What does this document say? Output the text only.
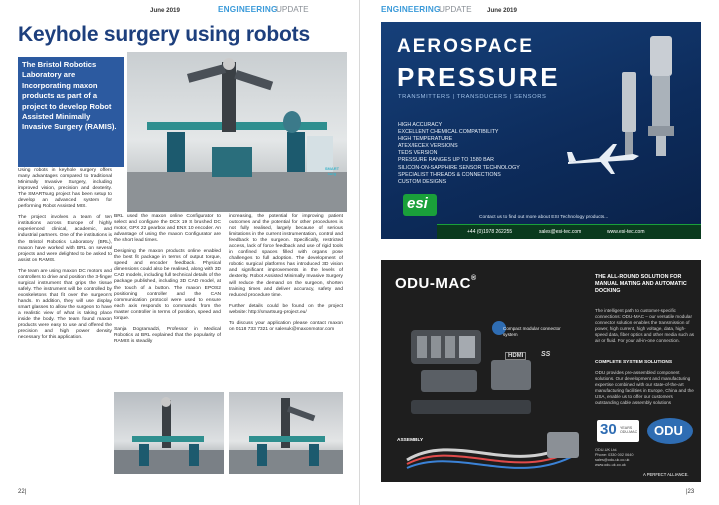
June 2019	ENGINEERING
UPDATE
Keyhole surgery using robots
The Bristol Robotics Laboratory are Incorporating maxon products as part of a project to develop Robot Assisted Minimally Invasive Surgery (RAMIS).
SMART surg

Using robots in keyhole surgery offers many advantages compared to traditional Minimally Invasive Surgery, including improved vision, precision and dexterity. The SMARTsurg project has been setup to develop an advanced system for performing Robot Assisted MIS.

The project involves a team of ten institutions across Europe of highly experienced clinical, academic, and industrial partners. One of the institutions is the Bristol Robotics Laboratory (BRL), maxon have worked with BRL on several projects and were delighted to be asked to assist on RAMIS.

The team are using maxon DC motors and controllers to drive and position the 3-finger surgical instrument that grips the tissue safely. The instrument will be controlled by exoskeletons that fit over the surgeon's hands. In addition, they will use display smart glasses to allow the surgeon to have a realistic view of what is taking place inside the body. The team found maxon products were easy to use and offered the precision and high power density necessary for this application.

BRL used the maxon online Configurator to select and configure the DCX 19 S brushed DC motor, GPX 22 gearbox and ENX 10 encoder. An advantage of using the maxon Configurator are the short lead times.

Designing the maxon products online enabled the best fit package in terms of output torque, speed and encoder feedback. Physical dimensions could also be realised, along with 3D CAD models, including full technical details of the package published, including 3D CAD model, at the touch of a button. The maxon EPOS2 positioning controller and the CAN communication protocol were used to ensure each axis responds to commands from the master controller in terms of position, speed and torque.

Sanja Dogramadzi, Professor in Medical Robotics at BRL explained that the popularity of RAMIS is steadily

increasing, the potential for improving patient outcomes and the potential for other procedures is not fully realised, largely because of serious limitations in the current instrumentation, control and feedback to the surgeon. Specifically, restricted access, lack of force feedback and use of rigid tools in confined spaces filled with organs pose challenges to full adoption. The development of robotic surgical platforms has introduced 3D vision and significant improvements in the levels of dexterity. Robot Assisted Minimally Invasive Surgery will reduce the demand on the surgeon, shorten training times and deliver accuracy, safety and reduced procedure time.

Further details could be found on the project website: http://smartsurg-project.eu/

To discuss your application please contact maxon on 0118 733 7321 or salesuk@maxonmotor.com

22|
ENGINEERING
UPDATE June 2019
AEROSPACE
PRESSURE
TRANSMITTERS | TRANSDUCERS | SENSORS
HIGH ACCURACY
EXCELLENT CHEMICAL COMPATIBILITY
HIGH TEMPERATURE
ATEX/IECEX VERSIONS
TEDS VERSION
PRESSURE RANGES UP TO 1580 BAR
SILICON-ON-SAPPHIRE SENSOR TECHNOLOGY
SPECIALIST THREADS & CONNECTIONS
CUSTOM DESIGNS
esi
Contact us to find out more about ESI Technology products...
+44 (0)1978 262255	sales@esi-tec.com	www.esi-tec.com
ODU-MAC®	THE ALL-ROUND SOLUTION FOR MANUAL MATING AND AUTOMATIC DOCKING
The intelligent path to customer-specific connections: ODU-MAC – our versatile modular connector solution enables the transmission of power, high current, high voltage, data, high-speed data, fiber optics and other media such as air or fluid. For your all-in-one connection.
Compact modular connector system
HDMI	SS
COMPLETE SYSTEM SOLUTIONS
ODU provides pre-assembled component solutions. Our development and manufacturing expertise combined with our state-of-the-art manufacturing facilities in Europe, China and the USA, enable us to offer our customers outstanding cable assembly solutions
ASSEMBLY
30 YEARS ODU-MAC
ODU-UK Ltd.
Phone: 0330 002 0640
sales@odu-uk.co.uk
www.odu-uk.co.uk
ODU
A PERFECT ALLIANCE.
|23
